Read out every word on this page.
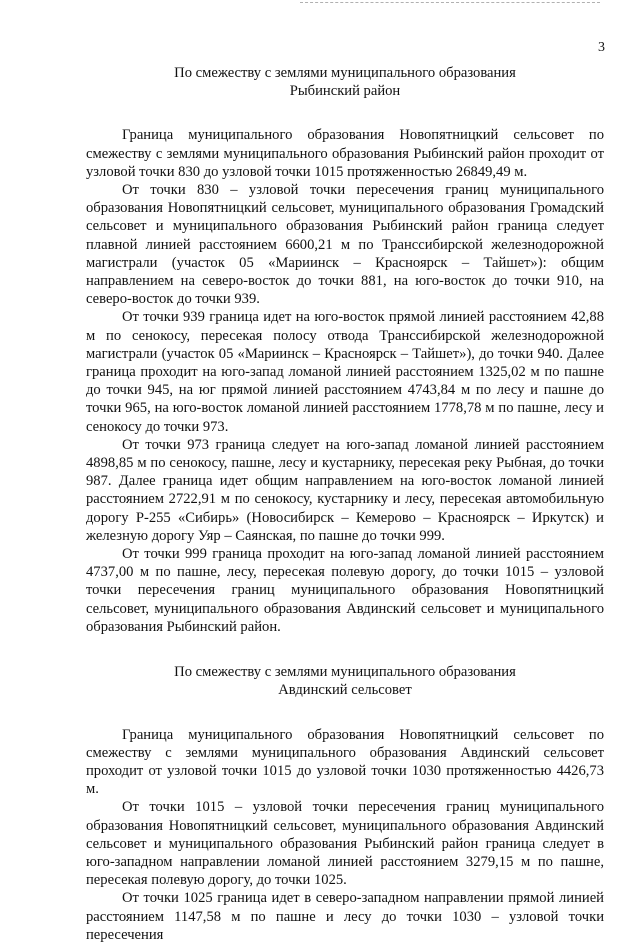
3
По смежеству с землями муниципального образования
Рыбинский район

Граница муниципального образования Новопятницкий сельсовет по смежеству с землями муниципального образования Рыбинский район проходит от узловой точки 830 до узловой точки 1015 протяженностью 26849,49 м.

От точки 830 – узловой точки пересечения границ муниципального образования Новопятницкий сельсовет, муниципального образования Громадский сельсовет и муниципального образования Рыбинский район граница следует плавной линией расстоянием 6600,21 м по Транссибирской железнодорожной магистрали (участок 05 «Мариинск – Красноярск – Тайшет»): общим направлением на северо-восток до точки 881, на юго-восток до точки 910, на северо-восток до точки 939.

От точки 939 граница идет на юго-восток прямой линией расстоянием 42,88 м по сенокосу, пересекая полосу отвода Транссибирской железнодорожной магистрали (участок 05 «Мариинск – Красноярск – Тайшет»), до точки 940. Далее граница проходит на юго-запад ломаной линией расстоянием 1325,02 м по пашне до точки 945, на юг прямой линией расстоянием 4743,84 м по лесу и пашне до точки 965, на юго-восток ломаной линией расстоянием 1778,78 м по пашне, лесу и сенокосу до точки 973.

От точки 973 граница следует на юго-запад ломаной линией расстоянием 4898,85 м по сенокосу, пашне, лесу и кустарнику, пересекая реку Рыбная, до точки 987. Далее граница идет общим направлением на юго-восток ломаной линией расстоянием 2722,91 м по сенокосу, кустарнику и лесу, пересекая автомобильную дорогу Р-255 «Сибирь» (Новосибирск – Кемерово – Красноярск – Иркутск) и железную дорогу Уяр – Саянская, по пашне до точки 999.

От точки 999 граница проходит на юго-запад ломаной линией расстоянием 4737,00 м по пашне, лесу, пересекая полевую дорогу, до точки 1015 – узловой точки пересечения границ муниципального образования Новопятницкий сельсовет, муниципального образования Авдинский сельсовет и муниципального образования Рыбинский район.

По смежеству с землями муниципального образования
Авдинский сельсовет

Граница муниципального образования Новопятницкий сельсовет по смежеству с землями муниципального образования Авдинский сельсовет проходит от узловой точки 1015 до узловой точки 1030 протяженностью 4426,73 м.

От точки 1015 – узловой точки пересечения границ муниципального образования Новопятницкий сельсовет, муниципального образования Авдинский сельсовет и муниципального образования Рыбинский район граница следует в юго-западном направлении ломаной линией расстоянием 3279,15 м по пашне, пересекая полевую дорогу, до точки 1025.

От точки 1025 граница идет в северо-западном направлении прямой линией расстоянием 1147,58 м по пашне и лесу до точки 1030 – узловой точки пересечения
